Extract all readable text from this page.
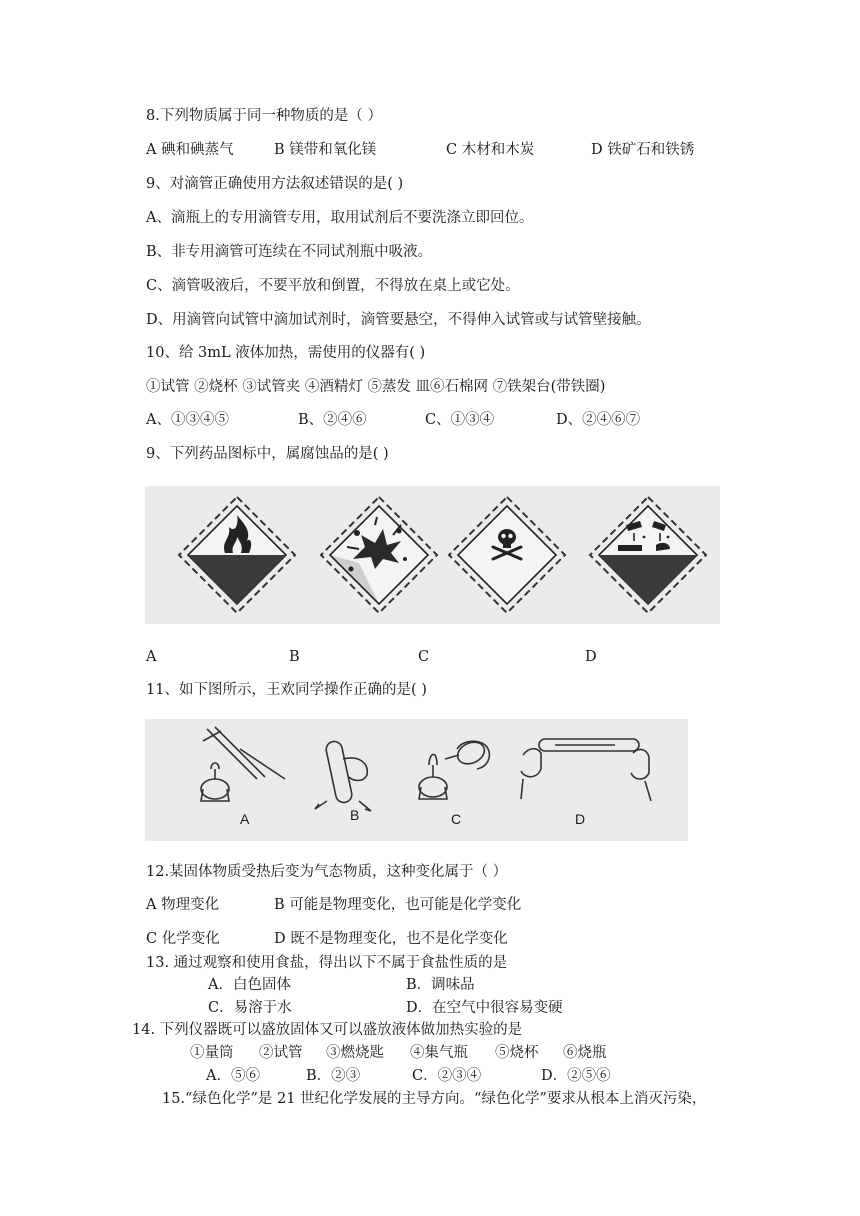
8.下列物质属于同一种物质的是（ ）
A 碘和碘蒸气	B 镁带和氧化镁	C 木材和木炭	D 铁矿石和铁锈
9、对滴管正确使用方法叙述错误的是( )
A、滴瓶上的专用滴管专用，取用试剂后不要洗涤立即回位。
B、非专用滴管可连续在不同试剂瓶中吸液。
C、滴管吸液后，不要平放和倒置，不得放在桌上或它处。
D、用滴管向试管中滴加试剂时，滴管要悬空，不得伸入试管或与试管壁接触。
10、给 3mL 液体加热，需使用的仪器有( )
①试管 ②烧杯 ③试管夹 ④酒精灯 ⑤蒸发 皿⑥石棉网 ⑦铁架台(带铁圈)
A、①③④⑤	B、②④⑥	C、①③④	D、②④⑥⑦
9、下列药品图标中，属腐蚀品的是( )
A	B	C	D
11、如下图所示，王欢同学操作正确的是( )
A	B	C	D
12.某固体物质受热后变为气态物质，这种变化属于（ ）
A 物理变化	B 可能是物理变化，也可能是化学变化
C 化学变化	D 既不是物理变化，也不是化学变化
13. 通过观察和使用食盐，得出以下不属于食盐性质的是
A．白色固体	B．调味品
C．易溶于水	D．在空气中很容易变硬
14. 下列仪器既可以盛放固体又可以盛放液体做加热实验的是
①量筒 ②试管 ③燃烧匙 ④集气瓶 ⑤烧杯 ⑥烧瓶
A．⑤⑥	B．②③	C．②③④	D．②⑤⑥
15.“绿色化学”是 21 世纪化学发展的主导方向。“绿色化学”要求从根本上消灭污染，
